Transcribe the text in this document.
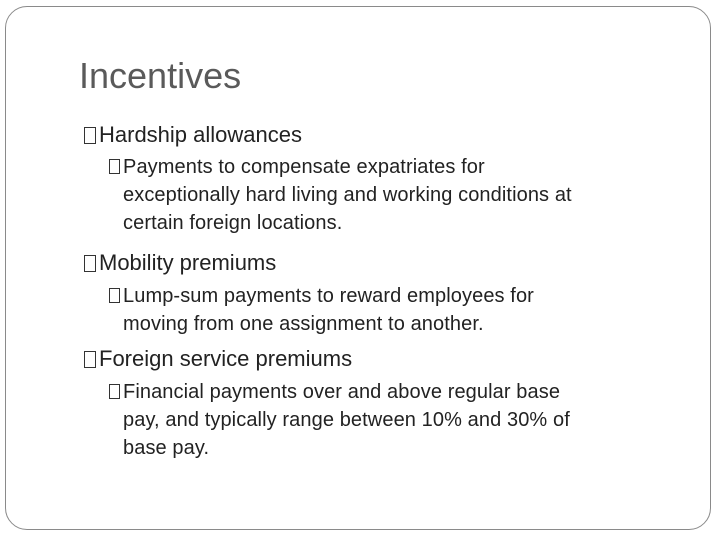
Incentives
Hardship allowances
Payments to compensate expatriates for
exceptionally hard living and working conditions at
certain foreign locations.
Mobility premiums
Lump-sum payments to reward employees for
moving from one assignment to another.
Foreign service premiums
Financial payments over and above regular base
pay, and typically range between 10% and 30% of
base pay.
